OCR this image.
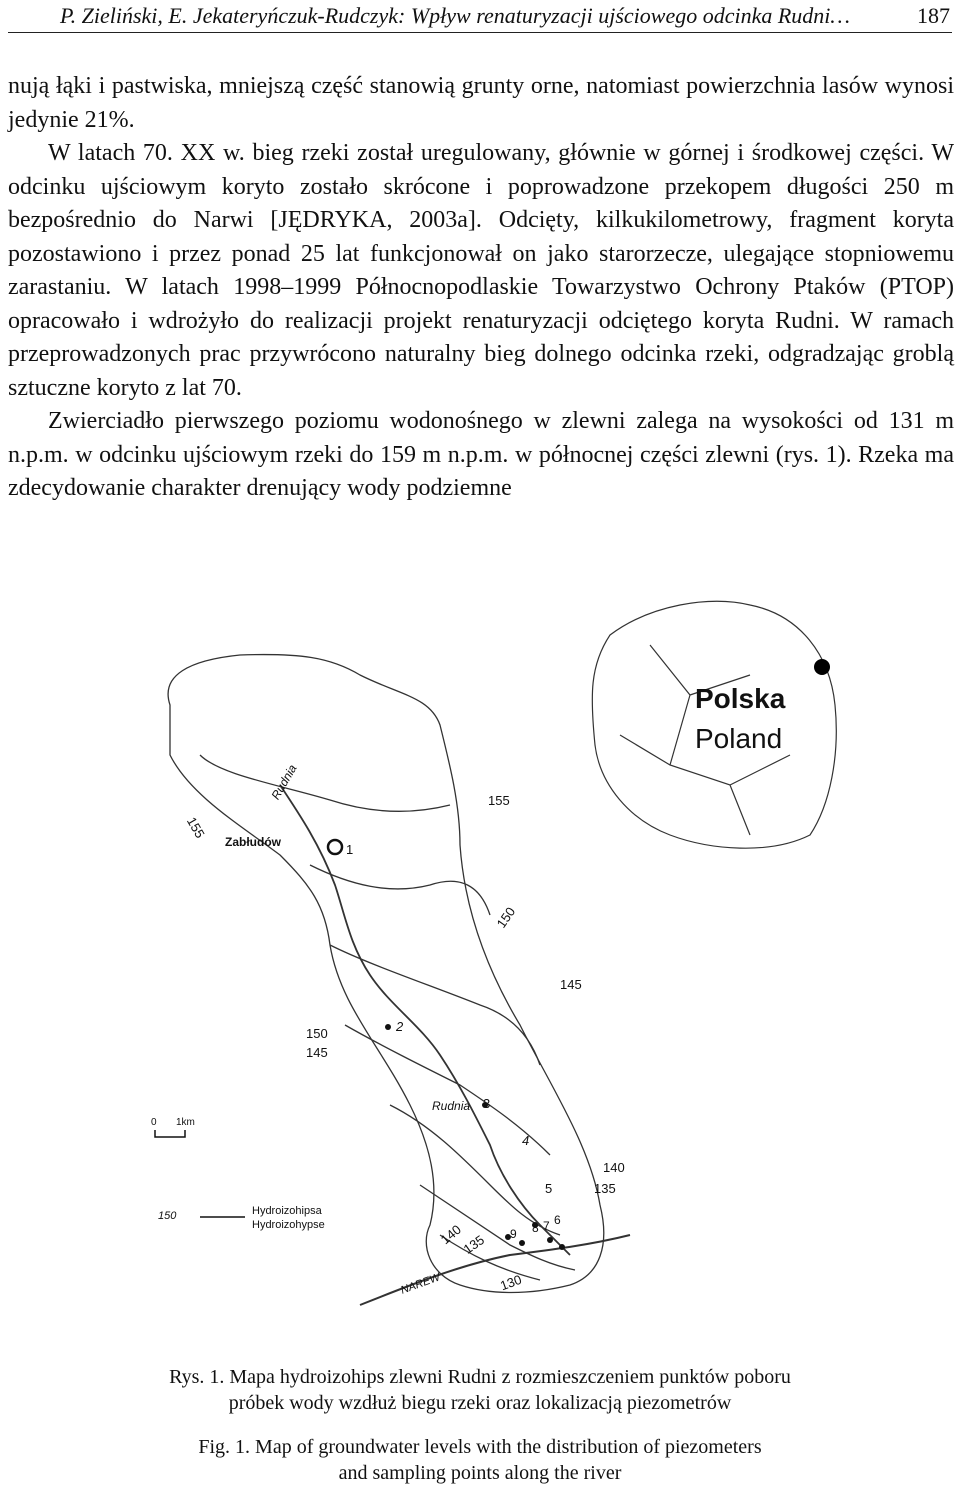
P. Zieliński, E. Jekateryńczuk-Rudczyk: Wpływ renaturyzacji ujściowego odcinka Rudni…	187

nują łąki i pastwiska, mniejszą część stanowią grunty orne, natomiast powierzchnia lasów wynosi jedynie 21%.

W latach 70. XX w. bieg rzeki został uregulowany, głównie w górnej i środkowej części. W odcinku ujściowym koryto zostało skrócone i poprowadzone przekopem długości 250 m bezpośrednio do Narwi [JĘDRYKA, 2003a]. Odcięty, kilkukilometrowy, fragment koryta pozostawiono i przez ponad 25 lat funkcjonował on jako starorzecze, ulegające stopniowemu zarastaniu. W latach 1998–1999 Północnopodlaskie Towarzystwo Ochrony Ptaków (PTOP) opracowało i wdrożyło do realizacji projekt renaturyzacji odciętego koryta Rudni. W ramach przeprowadzonych prac przywrócono naturalny bieg dolnego odcinka rzeki, odgradzając groblą sztuczne koryto z lat 70.

Zwierciadło pierwszego poziomu wodonośnego w zlewni zalega na wysokości od 131 m n.p.m. w odcinku ujściowym rzeki do 159 m n.p.m. w północnej części zlewni (rys. 1). Rzeka ma zdecydowanie charakter drenujący wody podziemne

Polska
Poland
155
155
150
145
150
145
140
135
140
135
130
Zabłudów
Rudnia
Rudnia
NAREW
1
2
3
4
5
6
7
8
9
0 1km
150	Hydroizohipsa
Hydroizohypse
Rys. 1. Mapa hydroizohips zlewni Rudni z rozmieszczeniem punktów poboru
próbek wody wzdłuż biegu rzeki oraz lokalizacją piezometrów
Fig. 1. Map of groundwater levels with the distribution of piezometers
and sampling points along the river
